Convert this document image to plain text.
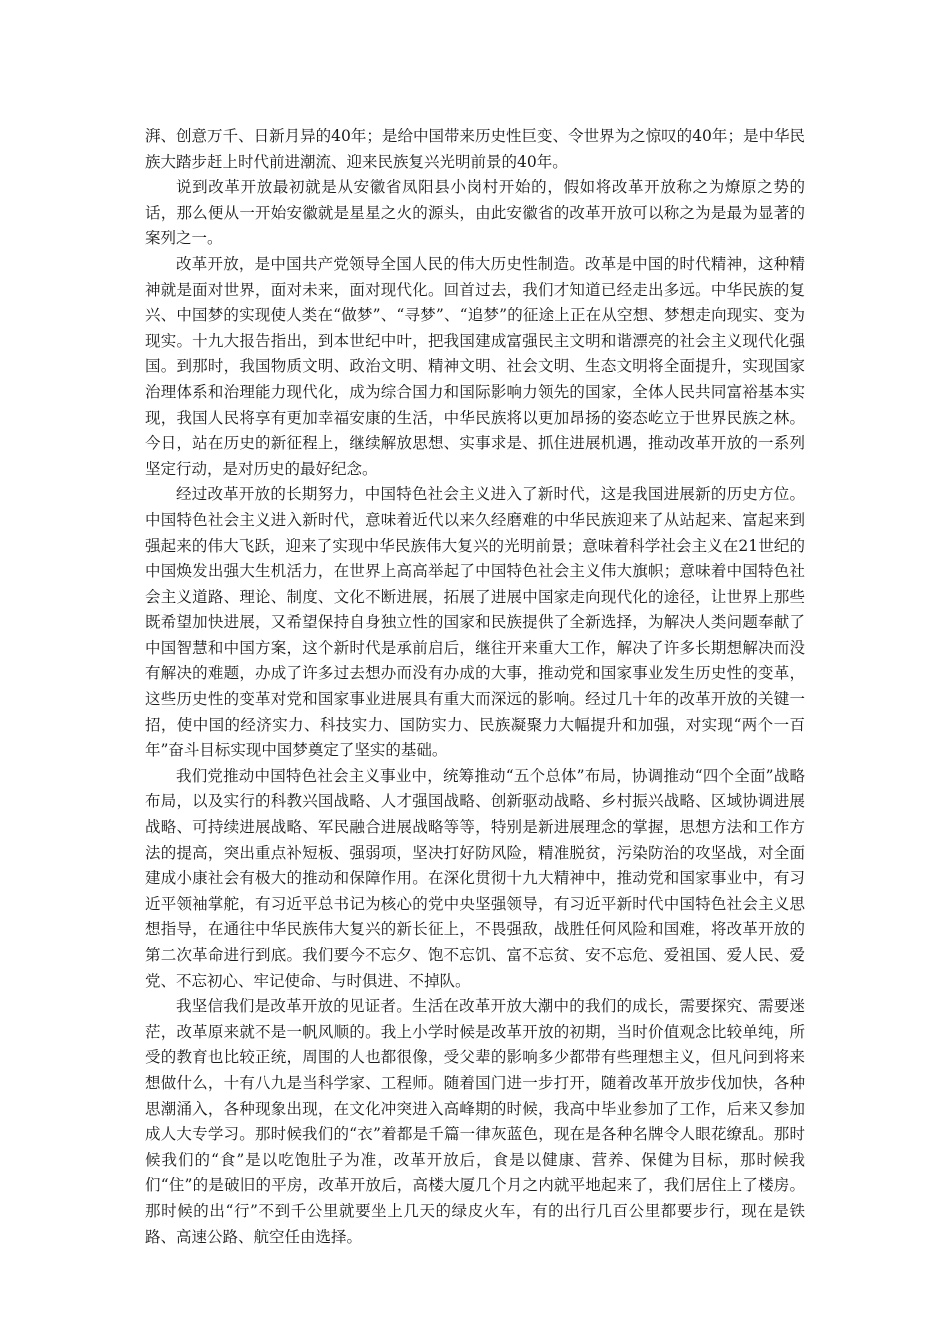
湃、创意万千、日新月异的40年；是给中国带来历史性巨变、令世界为之惊叹的40年；是中华民族大踏步赶上时代前进潮流、迎来民族复兴光明前景的40年。

说到改革开放最初就是从安徽省凤阳县小岗村开始的，假如将改革开放称之为燎原之势的话，那么便从一开始安徽就是星星之火的源头，由此安徽省的改革开放可以称之为是最为显著的案列之一。

改革开放，是中国共产党领导全国人民的伟大历史性制造。改革是中国的时代精神，这种精神就是面对世界，面对未来，面对现代化。回首过去，我们才知道已经走出多远。中华民族的复兴、中国梦的实现使人类在“做梦”、“寻梦”、“追梦”的征途上正在从空想、梦想走向现实、变为现实。十九大报告指出，到本世纪中叶，把我国建成富强民主文明和谐漂亮的社会主义现代化强国。到那时，我国物质文明、政治文明、精神文明、社会文明、生态文明将全面提升，实现国家治理体系和治理能力现代化，成为综合国力和国际影响力领先的国家，全体人民共同富裕基本实现，我国人民将享有更加幸福安康的生活，中华民族将以更加昂扬的姿态屹立于世界民族之林。今日，站在历史的新征程上，继续解放思想、实事求是、抓住进展机遇，推动改革开放的一系列坚定行动，是对历史的最好纪念。

经过改革开放的长期努力，中国特色社会主义进入了新时代，这是我国进展新的历史方位。中国特色社会主义进入新时代，意味着近代以来久经磨难的中华民族迎来了从站起来、富起来到强起来的伟大飞跃，迎来了实现中华民族伟大复兴的光明前景；意味着科学社会主义在21世纪的中国焕发出强大生机活力，在世界上高高举起了中国特色社会主义伟大旗帜；意味着中国特色社会主义道路、理论、制度、文化不断进展，拓展了进展中国家走向现代化的途径，让世界上那些既希望加快进展，又希望保持自身独立性的国家和民族提供了全新选择，为解决人类问题奉献了中国智慧和中国方案，这个新时代是承前启后，继往开来重大工作，解决了许多长期想解决而没有解决的难题，办成了许多过去想办而没有办成的大事，推动党和国家事业发生历史性的变革，这些历史性的变革对党和国家事业进展具有重大而深远的影响。经过几十年的改革开放的关键一招，使中国的经济实力、科技实力、国防实力、民族凝聚力大幅提升和加强，对实现“两个一百年”奋斗目标实现中国梦奠定了坚实的基础。

我们党推动中国特色社会主义事业中，统筹推动“五个总体”布局，协调推动“四个全面”战略布局，以及实行的科教兴国战略、人才强国战略、创新驱动战略、乡村振兴战略、区域协调进展战略、可持续进展战略、军民融合进展战略等等，特别是新进展理念的掌握，思想方法和工作方法的提高，突出重点补短板、强弱项，坚决打好防风险，精准脱贫，污染防治的攻坚战，对全面建成小康社会有极大的推动和保障作用。在深化贯彻十九大精神中，推动党和国家事业中，有习近平领袖掌舵，有习近平总书记为核心的党中央坚强领导，有习近平新时代中国特色社会主义思想指导，在通往中华民族伟大复兴的新长征上，不畏强敌，战胜任何风险和国难，将改革开放的第二次革命进行到底。我们要今不忘夕、饱不忘饥、富不忘贫、安不忘危、爱祖国、爱人民、爱党、不忘初心、牢记使命、与时俱进、不掉队。

我坚信我们是改革开放的见证者。生活在改革开放大潮中的我们的成长，需要探究、需要迷茫，改革原来就不是一帆风顺的。我上小学时候是改革开放的初期，当时价值观念比较单纯，所受的教育也比较正统，周围的人也都很像，受父辈的影响多少都带有些理想主义，但凡问到将来想做什么，十有八九是当科学家、工程师。随着国门进一步打开，随着改革开放步伐加快，各种思潮涌入，各种现象出现，在文化冲突进入高峰期的时候，我高中毕业参加了工作，后来又参加成人大专学习。那时候我们的“衣”着都是千篇一律灰蓝色，现在是各种名牌令人眼花缭乱。那时候我们的“食”是以吃饱肚子为准，改革开放后，食是以健康、营养、保健为目标，那时候我们“住”的是破旧的平房，改革开放后，高楼大厦几个月之内就平地起来了，我们居住上了楼房。那时候的出“行”不到千公里就要坐上几天的绿皮火车，有的出行几百公里都要步行，现在是铁路、高速公路、航空任由选择。
